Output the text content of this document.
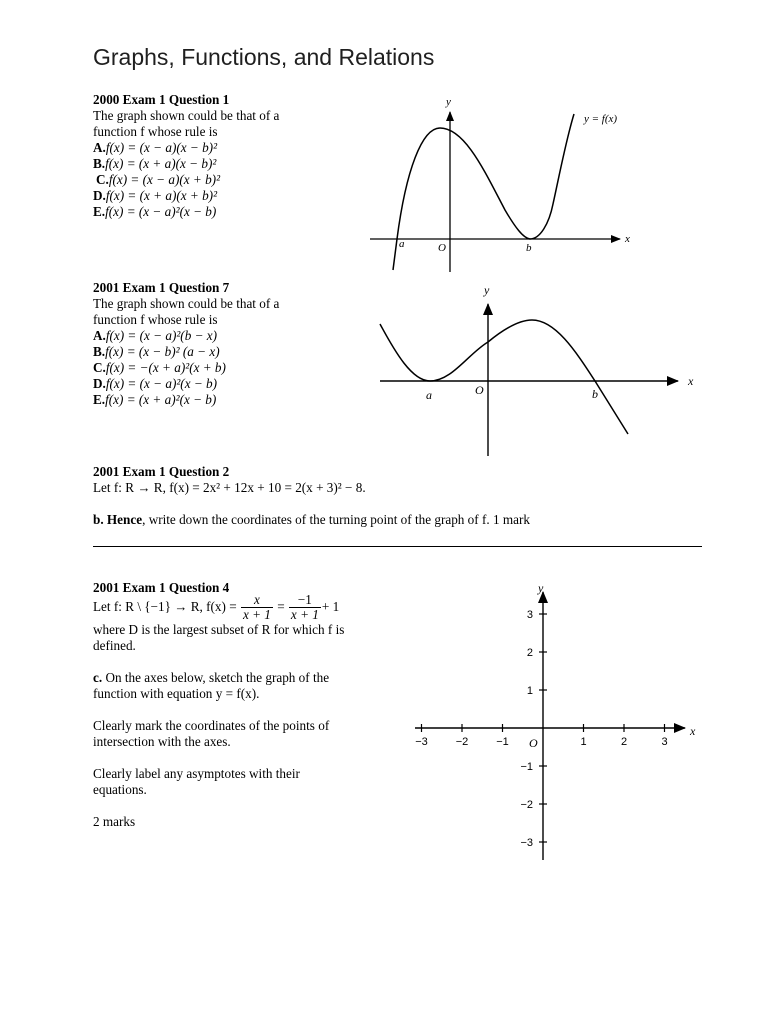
Graphs, Functions, and Relations
2000 Exam 1 Question 1
The graph shown could be that of a
function f whose rule is
A.f(x) = (x − a)(x − b)²
B.f(x) = (x + a)(x − b)²
C.f(x) = (x − a)(x + b)²
D.f(x) = (x + a)(x + b)²
E.f(x) = (x − a)²(x − b)
y
x
y = f(x)
a	O	b
2001 Exam 1 Question 7
The graph shown could be that of a
function f whose rule is
A.f(x) = (x − a)²(b − x)
B.f(x) = (x − b)² (a − x)
C.f(x) = −(x + a)²(x + b)
D.f(x) = (x − a)²(x − b)
E.f(x) = (x + a)²(x − b)
y
x
a	O	b
2001 Exam 1 Question 2
Let f: R → R, f(x) = 2x² + 12x + 10 = 2(x + 3)² − 8.
b. Hence, write down the coordinates of the turning point of the graph of f. 1 mark
2001 Exam 1 Question 4
Let f: R \ {−1} → R, $f(x) = \frac{x}{x + 1} = \frac{-1}{x + 1} + 1$
where D is the largest subset of R for which f is
defined.
c. On the axes below, sketch the graph of the
function with equation y = f(x).
Clearly mark the coordinates of the points of
intersection with the axes.
Clearly label any asymptotes with their
equations.
2 marks
−3	−2	−1	1	2	3
3
2
1
−1
−2
−3
y
x
O
